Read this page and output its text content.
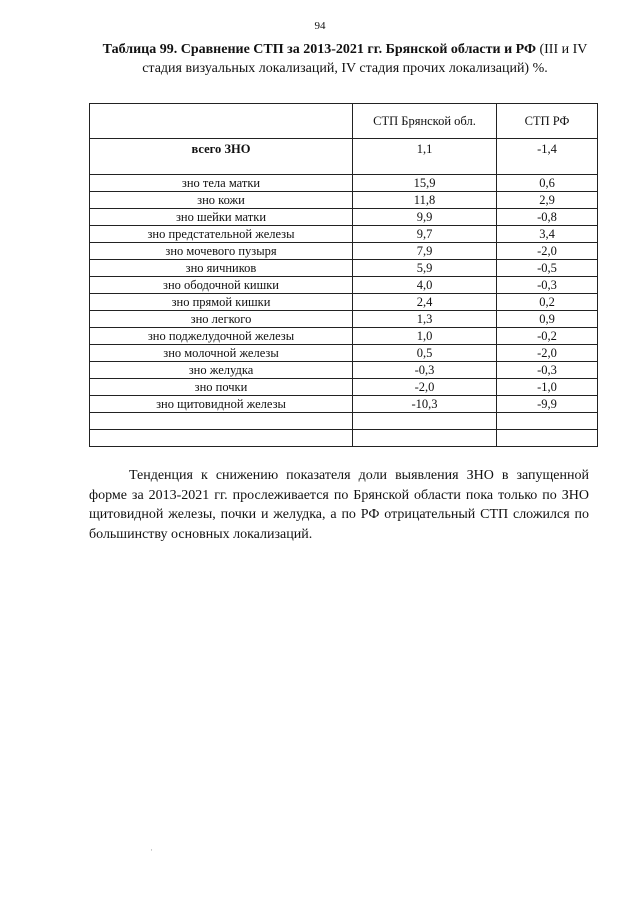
94
Таблица 99. Сравнение СТП за 2013-2021 гг. Брянской области и РФ (III и IV стадия визуальных локализаций, IV стадия прочих локализаций) %.
	СТП Брянской обл.	СТП РФ
всего ЗНО	1,1	-1,4
зно тела матки	15,9	0,6
зно кожи	11,8	2,9
зно шейки матки	9,9	-0,8
зно предстательной железы	9,7	3,4
зно мочевого пузыря	7,9	-2,0
зно яичников	5,9	-0,5
зно ободочной кишки	4,0	-0,3
зно прямой кишки	2,4	0,2
зно легкого	1,3	0,9
зно поджелудочной железы	1,0	-0,2
зно молочной железы	0,5	-2,0
зно желудка	-0,3	-0,3
зно почки	-2,0	-1,0
зно щитовидной железы	-10,3	-9,9

Тенденция к снижению показателя доли выявления ЗНО в запущенной форме за 2013-2021 гг. прослеживается по Брянской области пока только по ЗНО щитовидной железы, почки и желудка, а по РФ отрицательный СТП сложился по большинству основных локализаций.
·
